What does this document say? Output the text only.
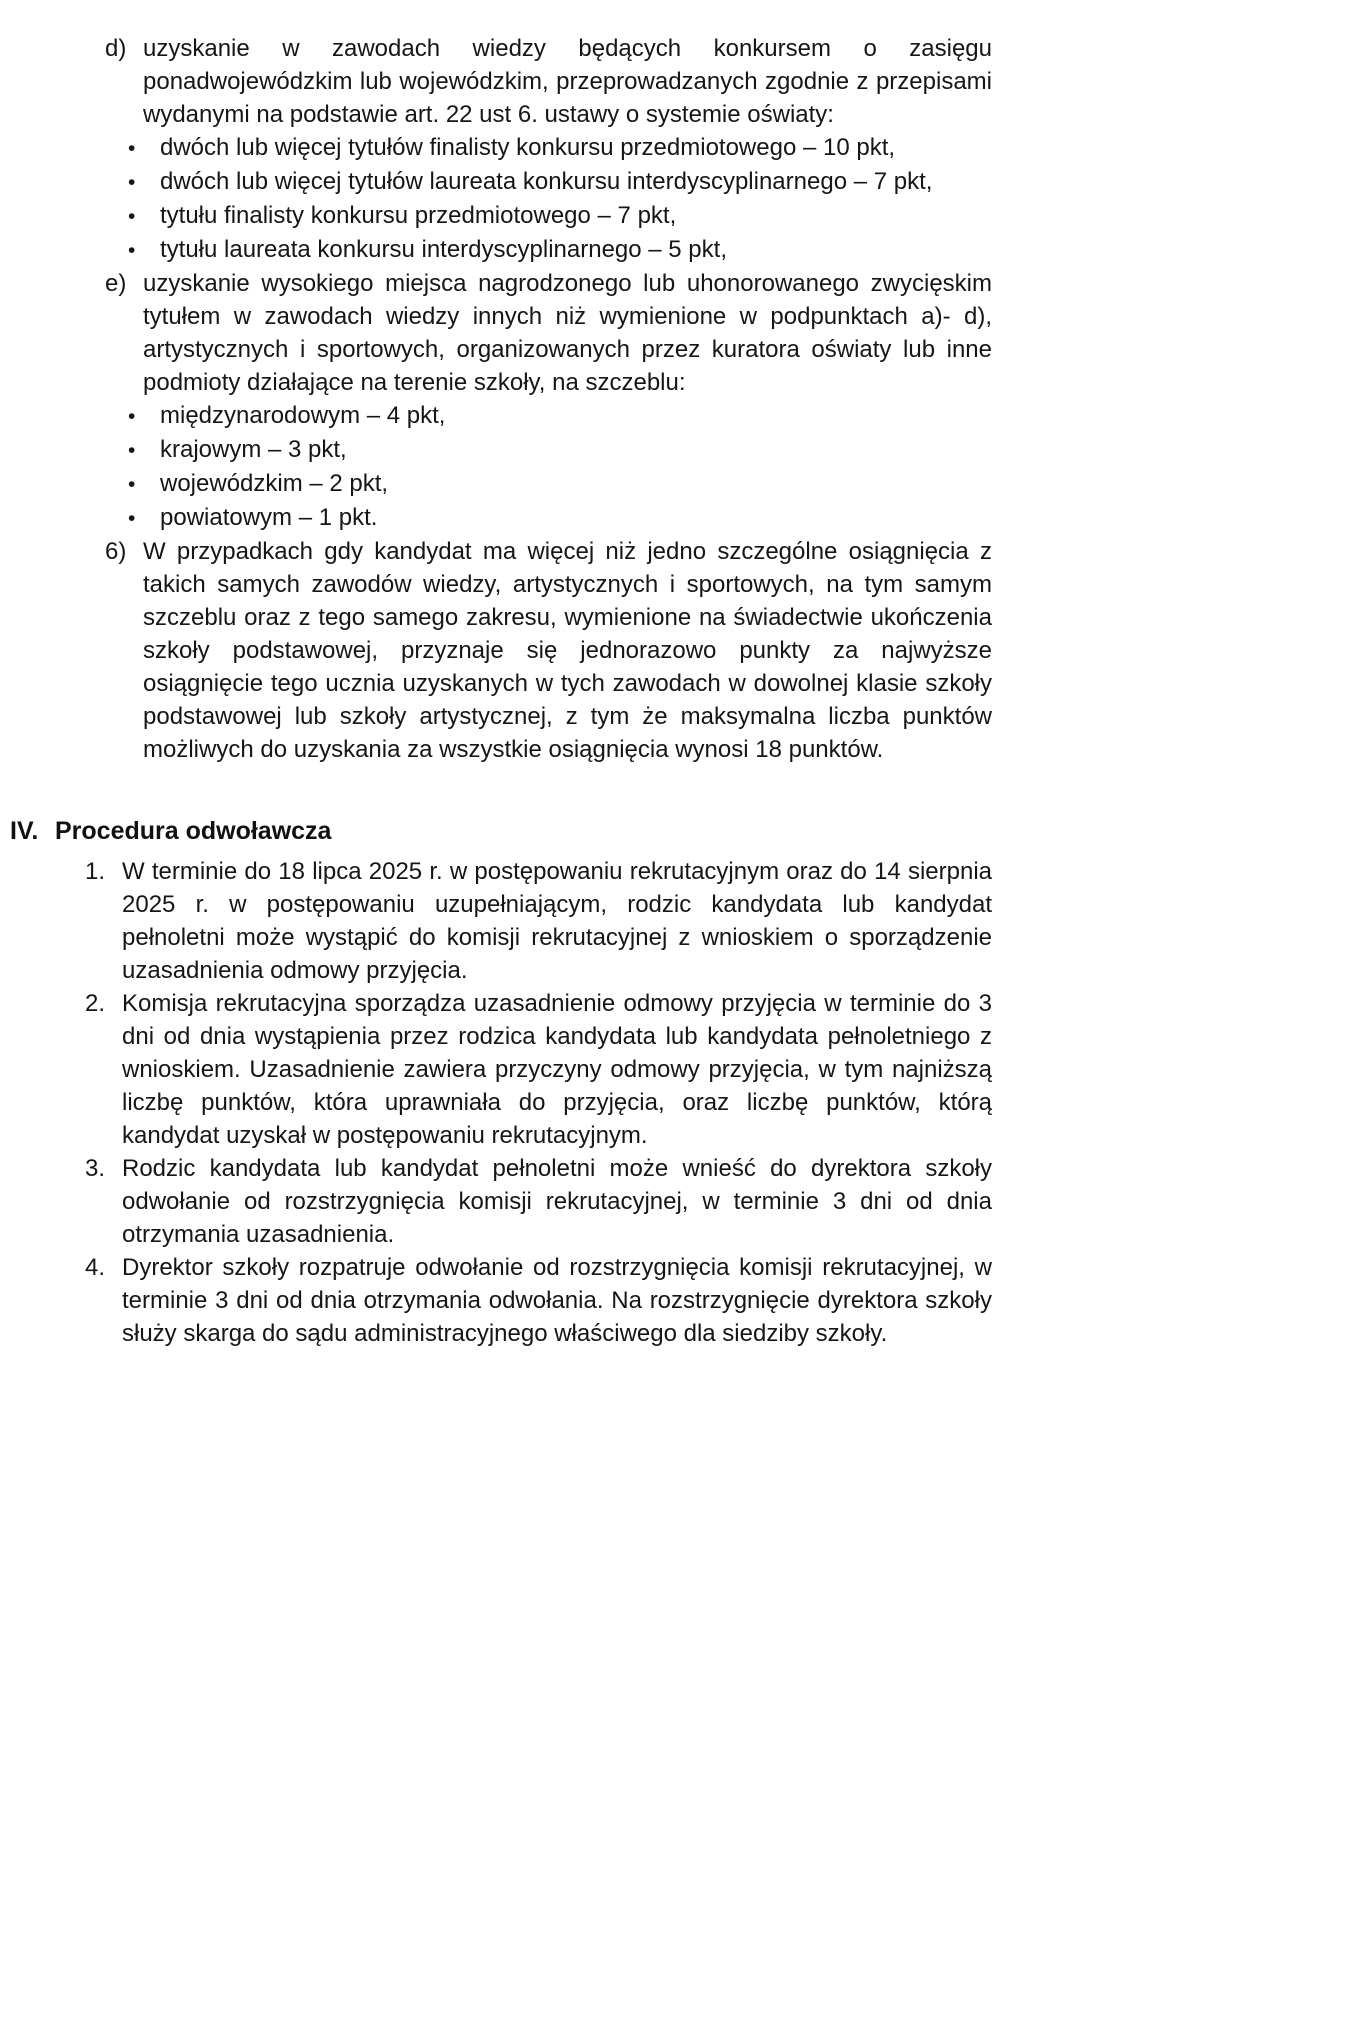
d) uzyskanie w zawodach wiedzy będących konkursem o zasięgu ponadwojewódzkim lub wojewódzkim, przeprowadzanych zgodnie z przepisami wydanymi na podstawie art. 22 ust 6. ustawy o systemie oświaty:
•	dwóch lub więcej tytułów finalisty konkursu przedmiotowego – 10 pkt,
•	dwóch lub więcej tytułów laureata konkursu interdyscyplinarnego – 7 pkt,
•	tytułu finalisty konkursu przedmiotowego – 7 pkt,
•	tytułu laureata konkursu interdyscyplinarnego – 5 pkt,
e) uzyskanie wysokiego miejsca nagrodzonego lub uhonorowanego zwycięskim tytułem w zawodach wiedzy innych niż wymienione w podpunktach a)- d), artystycznych i sportowych, organizowanych przez kuratora oświaty lub inne podmioty działające na terenie szkoły, na szczeblu:
•	międzynarodowym – 4 pkt,
•	krajowym – 3 pkt,
•	wojewódzkim – 2 pkt,
•	powiatowym – 1 pkt.
6) W przypadkach gdy kandydat ma więcej niż jedno szczególne osiągnięcia z takich samych zawodów wiedzy, artystycznych i sportowych, na tym samym szczeblu oraz z tego samego zakresu, wymienione na świadectwie ukończenia szkoły podstawowej, przyznaje się jednorazowo punkty za najwyższe osiągnięcie tego ucznia uzyskanych w tych zawodach w dowolnej klasie szkoły podstawowej lub szkoły artystycznej, z tym że maksymalna liczba punktów możliwych do uzyskania za wszystkie osiągnięcia wynosi 18 punktów.
IV. Procedura odwoławcza
1. W terminie do 18 lipca 2025 r. w postępowaniu rekrutacyjnym oraz do 14 sierpnia 2025 r. w postępowaniu uzupełniającym, rodzic kandydata lub kandydat pełnoletni może wystąpić do komisji rekrutacyjnej z wnioskiem o sporządzenie uzasadnienia odmowy przyjęcia.
2. Komisja rekrutacyjna sporządza uzasadnienie odmowy przyjęcia w terminie do 3 dni od dnia wystąpienia przez rodzica kandydata lub kandydata pełnoletniego z wnioskiem. Uzasadnienie zawiera przyczyny odmowy przyjęcia, w tym najniższą liczbę punktów, która uprawniała do przyjęcia, oraz liczbę punktów, którą kandydat uzyskał w postępowaniu rekrutacyjnym.
3. Rodzic kandydata lub kandydat pełnoletni może wnieść do dyrektora szkoły odwołanie od rozstrzygnięcia komisji rekrutacyjnej, w terminie 3 dni od dnia otrzymania uzasadnienia.
4. Dyrektor szkoły rozpatruje odwołanie od rozstrzygnięcia komisji rekrutacyjnej, w terminie 3 dni od dnia otrzymania odwołania. Na rozstrzygnięcie dyrektora szkoły służy skarga do sądu administracyjnego właściwego dla siedziby szkoły.
